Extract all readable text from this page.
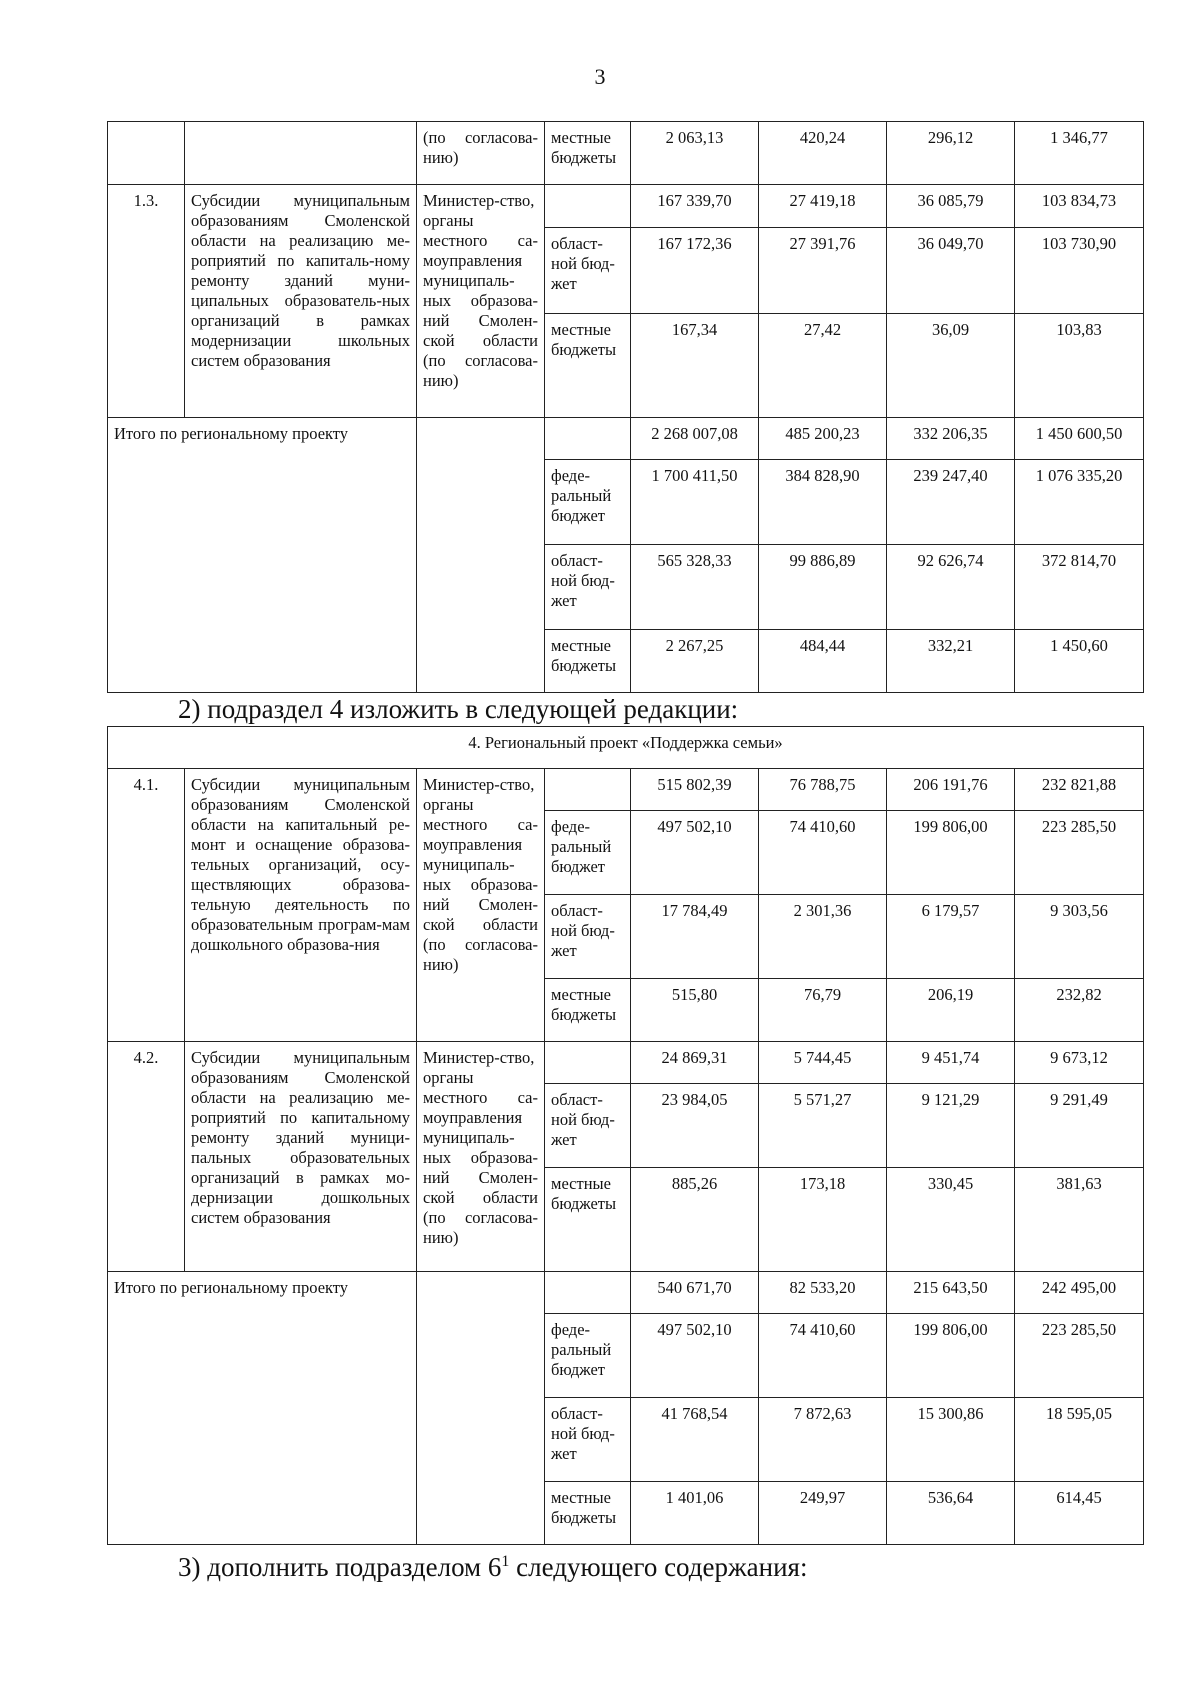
3
		(по согласова-нию)	местные бюджеты	2 063,13	420,24	296,12	1 346,77
1.3.	Субсидии муниципальным образованиям Смоленской области на реализацию ме-роприятий по капиталь-ному ремонту зданий муни-ципальных образователь-ных организаций в рамках модернизации школьных систем образования	Министер-ство, органы местного са-моуправления муниципаль-ных образова-ний Смолен-ской области (по согласова-нию)		167 339,70	27 419,18	36 085,79	103 834,73
			област-ной бюд-жет	167 172,36	27 391,76	36 049,70	103 730,90
			местные бюджеты	167,34	27,42	36,09	103,83
Итого по региональному проекту				2 268 007,08	485 200,23	332 206,35	1 450 600,50
			феде-ральный бюджет	1 700 411,50	384 828,90	239 247,40	1 076 335,20
			област-ной бюд-жет	565 328,33	99 886,89	92 626,74	372 814,70
			местные бюджеты	2 267,25	484,44	332,21	1 450,60
2) подраздел 4 изложить в следующей редакции:
4. Региональный проект «Поддержка семьи»							
4.1.	Субсидии муниципальным образованиям Смоленской области на капитальный ре-монт и оснащение образова-тельных организаций, осу-ществляющих образова-тельную деятельность по образовательным програм-мам дошкольного образова-ния	Министер-ство, органы местного са-моуправления муниципаль-ных образова-ний Смолен-ской области (по согласова-нию)		515 802,39	76 788,75	206 191,76	232 821,88
			феде-ральный бюджет	497 502,10	74 410,60	199 806,00	223 285,50
			област-ной бюд-жет	17 784,49	2 301,36	6 179,57	9 303,56
			местные бюджеты	515,80	76,79	206,19	232,82
4.2.	Субсидии муниципальным образованиям Смоленской области на реализацию ме-роприятий по капитальному ремонту зданий муници-пальных образовательных организаций в рамках мо-дернизации дошкольных систем образования	Министер-ство, органы местного са-моуправления муниципаль-ных образова-ний Смолен-ской области (по согласова-нию)		24 869,31	5 744,45	9 451,74	9 673,12
			област-ной бюд-жет	23 984,05	5 571,27	9 121,29	9 291,49
			местные бюджеты	885,26	173,18	330,45	381,63
Итого по региональному проекту				540 671,70	82 533,20	215 643,50	242 495,00
			феде-ральный бюджет	497 502,10	74 410,60	199 806,00	223 285,50
			област-ной бюд-жет	41 768,54	7 872,63	15 300,86	18 595,05
			местные бюджеты	1 401,06	249,97	536,64	614,45
3) дополнить подразделом $6^1$ следующего содержания:
